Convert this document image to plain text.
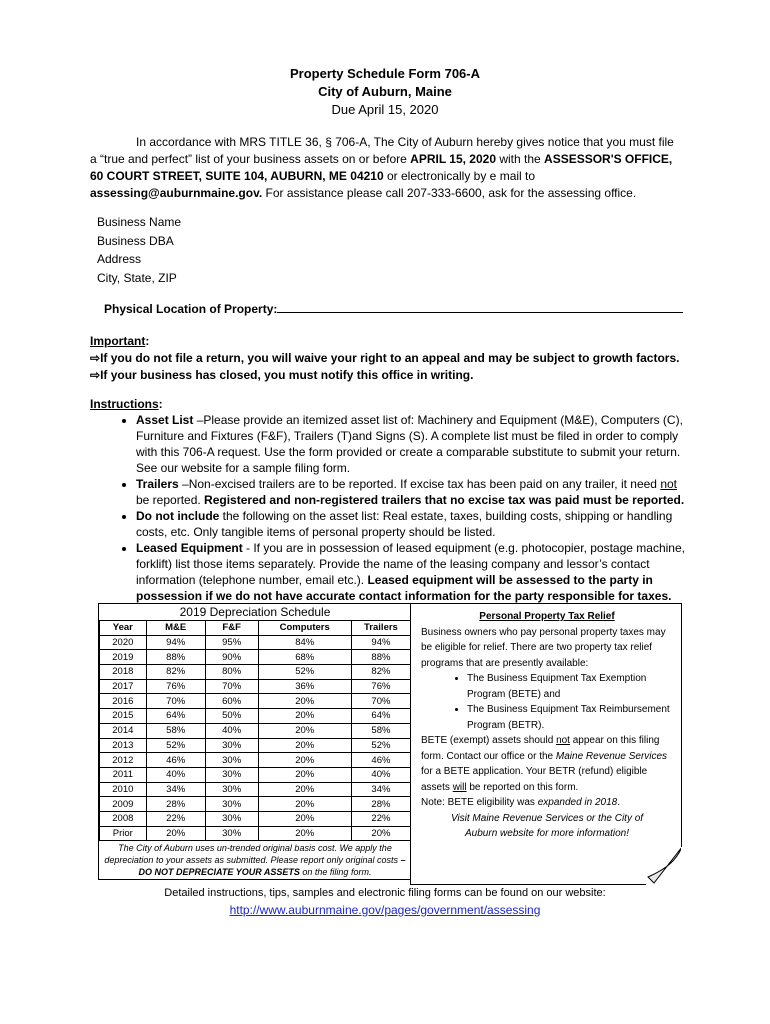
Property Schedule Form 706-A
City of Auburn, Maine
Due April 15, 2020

In accordance with MRS TITLE 36, § 706-A, The City of Auburn hereby gives notice that you must file a “true and perfect” list of your business assets on or before APRIL 15, 2020 with the ASSESSOR'S OFFICE, 60 COURT STREET, SUITE 104, AUBURN, ME 04210 or electronically by e mail to assessing@auburnmaine.gov. For assistance please call 207-333-6600, ask for the assessing office.

Business Name
Business DBA
Address
City, State, ZIP
Physical Location of Property:
Important:
⇨If you do not file a return, you will waive your right to an appeal and may be subject to growth factors.
⇨If your business has closed, you must notify this office in writing.
Instructions:
• Asset List –Please provide an itemized asset list of: Machinery and Equipment (M&E), Computers (C), Furniture and Fixtures (F&F), Trailers (T)and Signs (S). A complete list must be filed in order to comply with this 706-A request. Use the form provided or create a comparable substitute to submit your return. See our website for a sample filing form.
• Trailers –Non-excised trailers are to be reported. If excise tax has been paid on any trailer, it need not be reported. Registered and non-registered trailers that no excise tax was paid must be reported.
• Do not include the following on the asset list: Real estate, taxes, building costs, shipping or handling costs, etc. Only tangible items of personal property should be listed.
• Leased Equipment - If you are in possession of leased equipment (e.g. photocopier, postage machine, forklift) list those items separately. Provide the name of the leasing company and lessor’s contact information (telephone number, email etc.). Leased equipment will be assessed to the party in possession if we do not have accurate contact information for the party responsible for taxes.
2019 Depreciation Schedule
Year	M&E	F&F	Computers	Trailers
2020	94%	95%	84%	94%
2019	88%	90%	68%	88%
2018	82%	80%	52%	82%
2017	76%	70%	36%	76%
2016	70%	60%	20%	70%
2015	64%	50%	20%	64%
2014	58%	40%	20%	58%
2013	52%	30%	20%	52%
2012	46%	30%	20%	46%
2011	40%	30%	20%	40%
2010	34%	30%	20%	34%
2009	28%	30%	20%	28%
2008	22%	30%	20%	22%
Prior	20%	30%	20%	20%
The City of Auburn uses un-trended original basis cost. We apply the depreciation to your assets as submitted. Please report only original costs – DO NOT DEPRECIATE YOUR ASSETS on the filing form.
Personal Property Tax Relief
Business owners who pay personal property taxes may be eligible for relief. There are two property tax relief programs that are presently available:
• The Business Equipment Tax Exemption Program (BETE) and
• The Business Equipment Tax Reimbursement Program (BETR).
BETE (exempt) assets should not appear on this filing form. Contact our office or the Maine Revenue Services for a BETE application. Your BETR (refund) eligible assets will be reported on this form.
Note: BETE eligibility was expanded in 2018.
Visit Maine Revenue Services or the City of Auburn website for more information!
Detailed instructions, tips, samples and electronic filing forms can be found on our website:
http://www.auburnmaine.gov/pages/government/assessing
